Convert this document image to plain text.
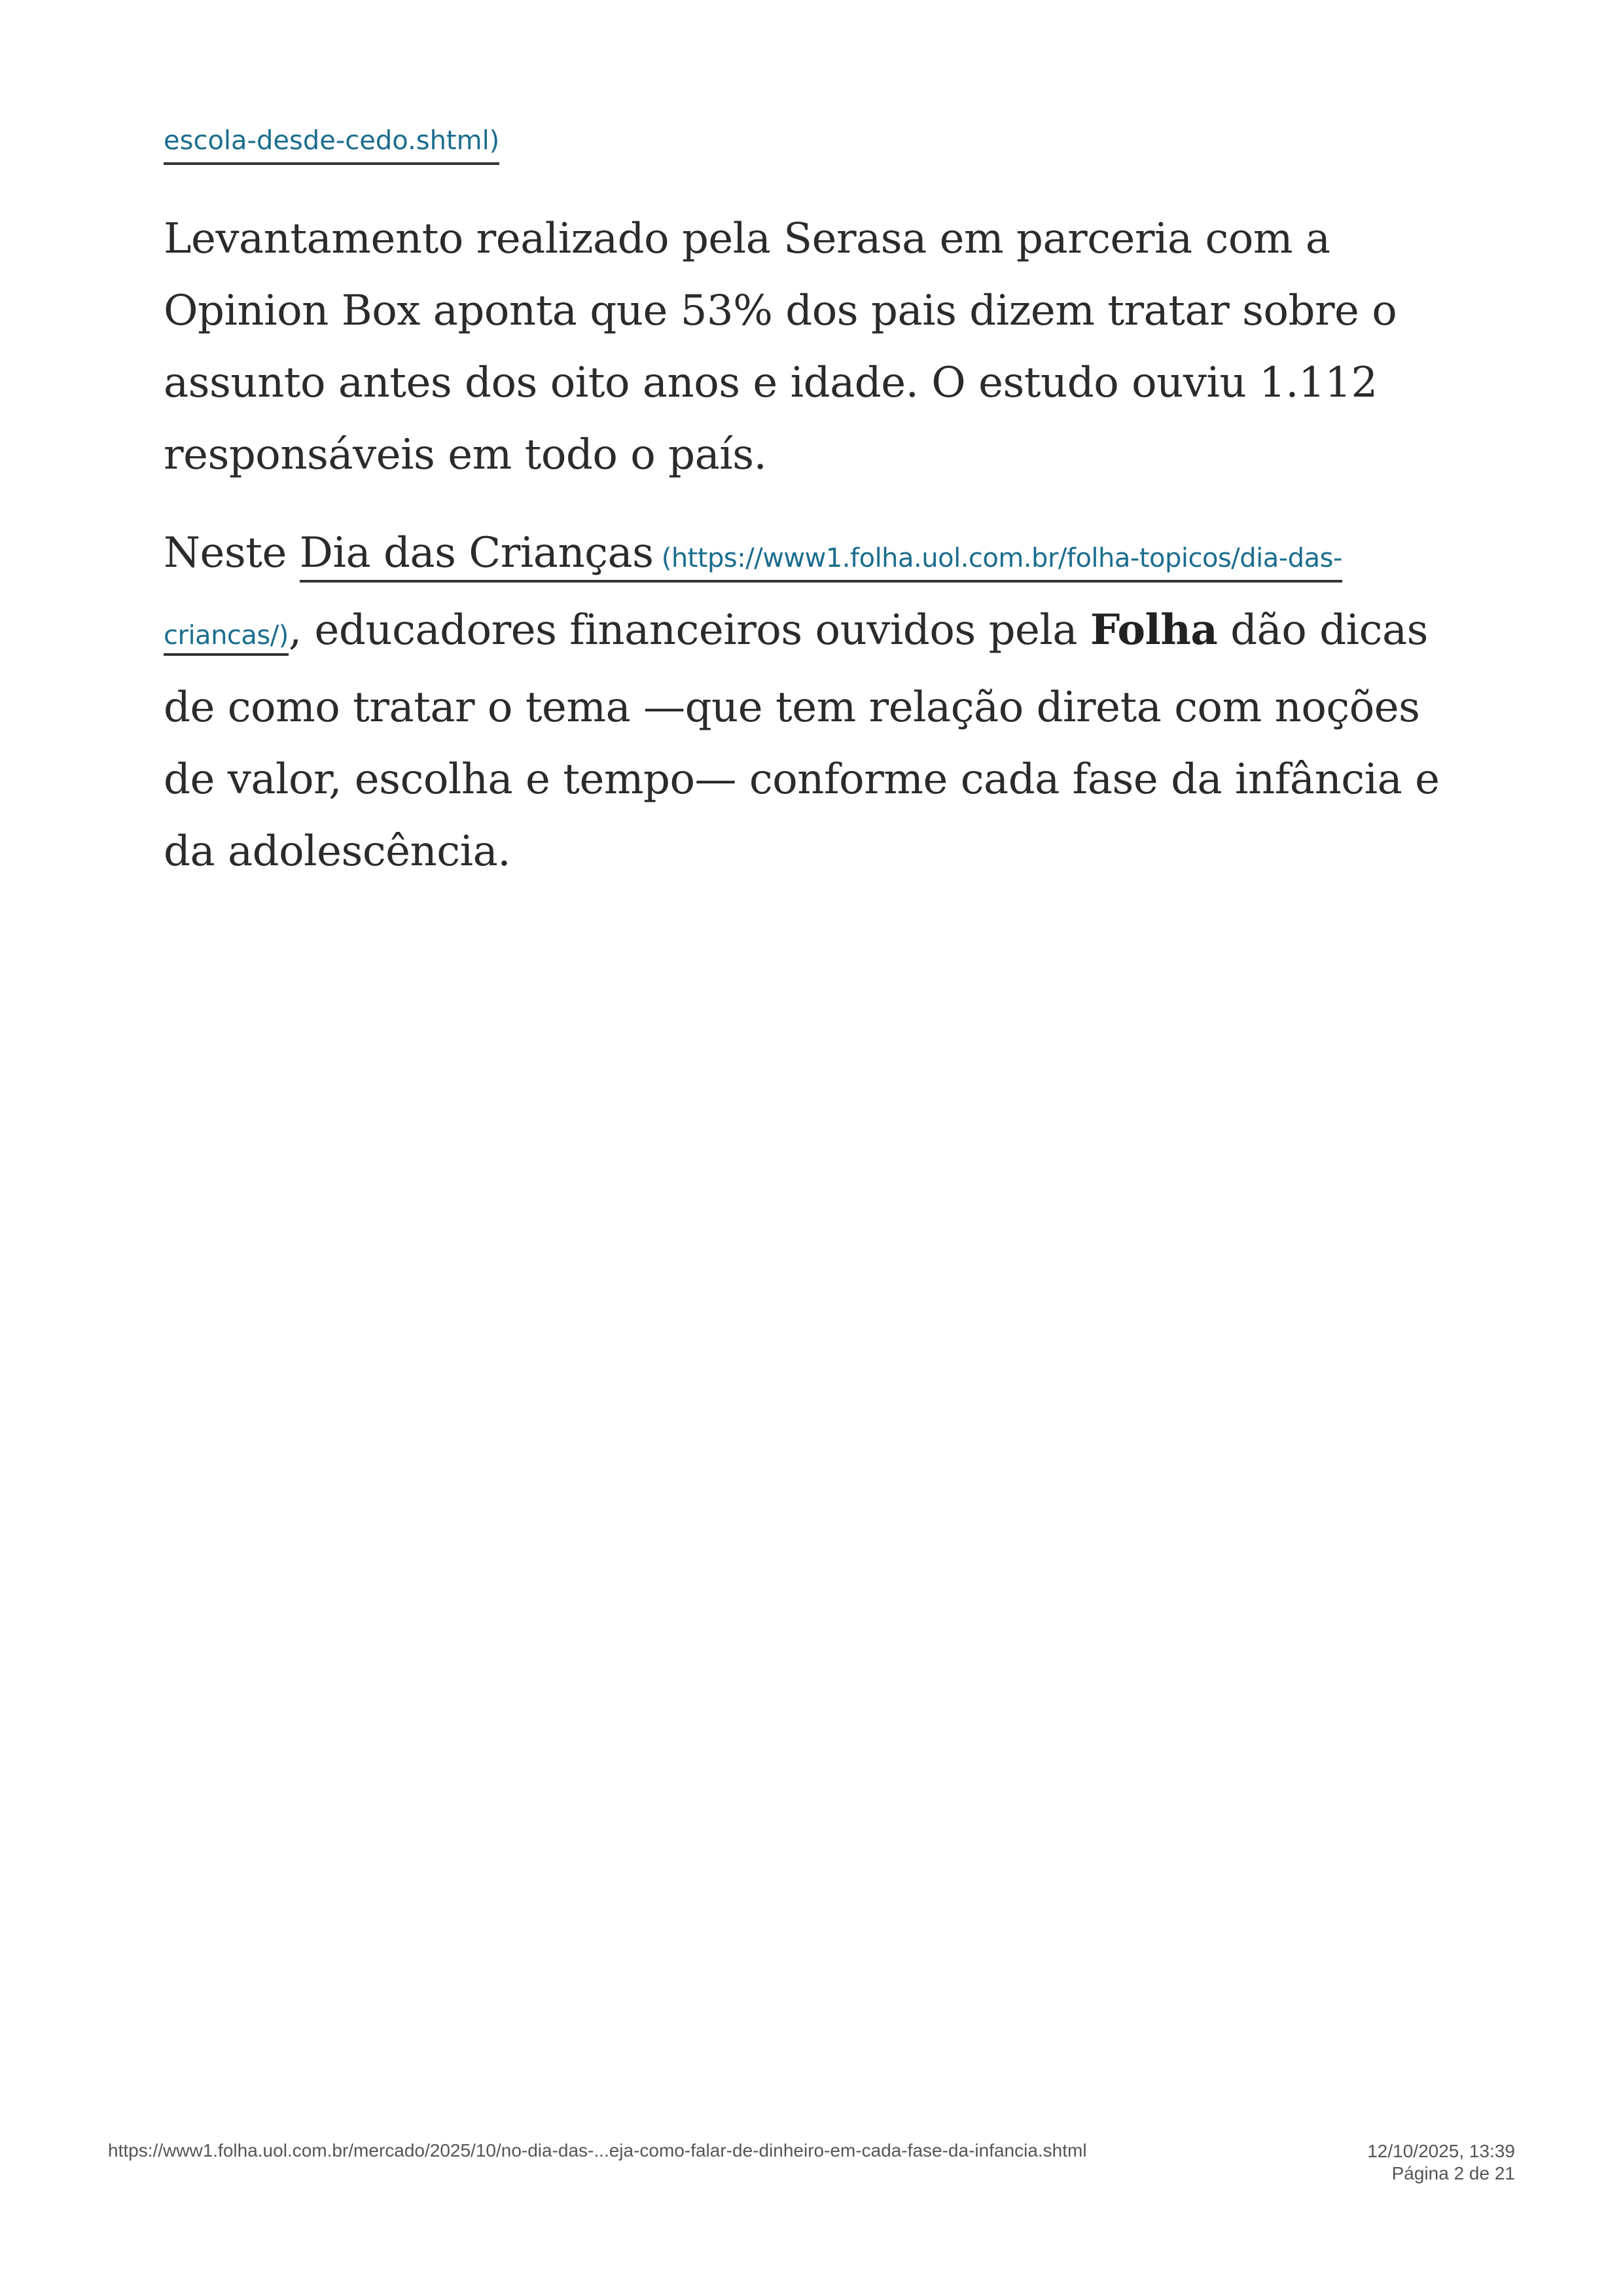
escola-desde-cedo.shtml)

Levantamento realizado pela Serasa em parceria com a Opinion Box aponta que 53% dos pais dizem tratar sobre o assunto antes dos oito anos e idade. O estudo ouviu 1.112 responsáveis em todo o país.

Neste Dia das Crianças (https://www1.folha.uol.com.br/folha-topicos/dia-das-
criancas/), educadores financeiros ouvidos pela Folha dão dicas de como tratar o tema —que tem relação direta com noções de valor, escolha e tempo— conforme cada fase da infância e da adolescência.

https://www1.folha.uol.com.br/mercado/2025/10/no-dia-das-...eja-como-falar-de-dinheiro-em-cada-fase-da-infancia.shtml	12/10/2025, 13:39
Página 2 de 21
